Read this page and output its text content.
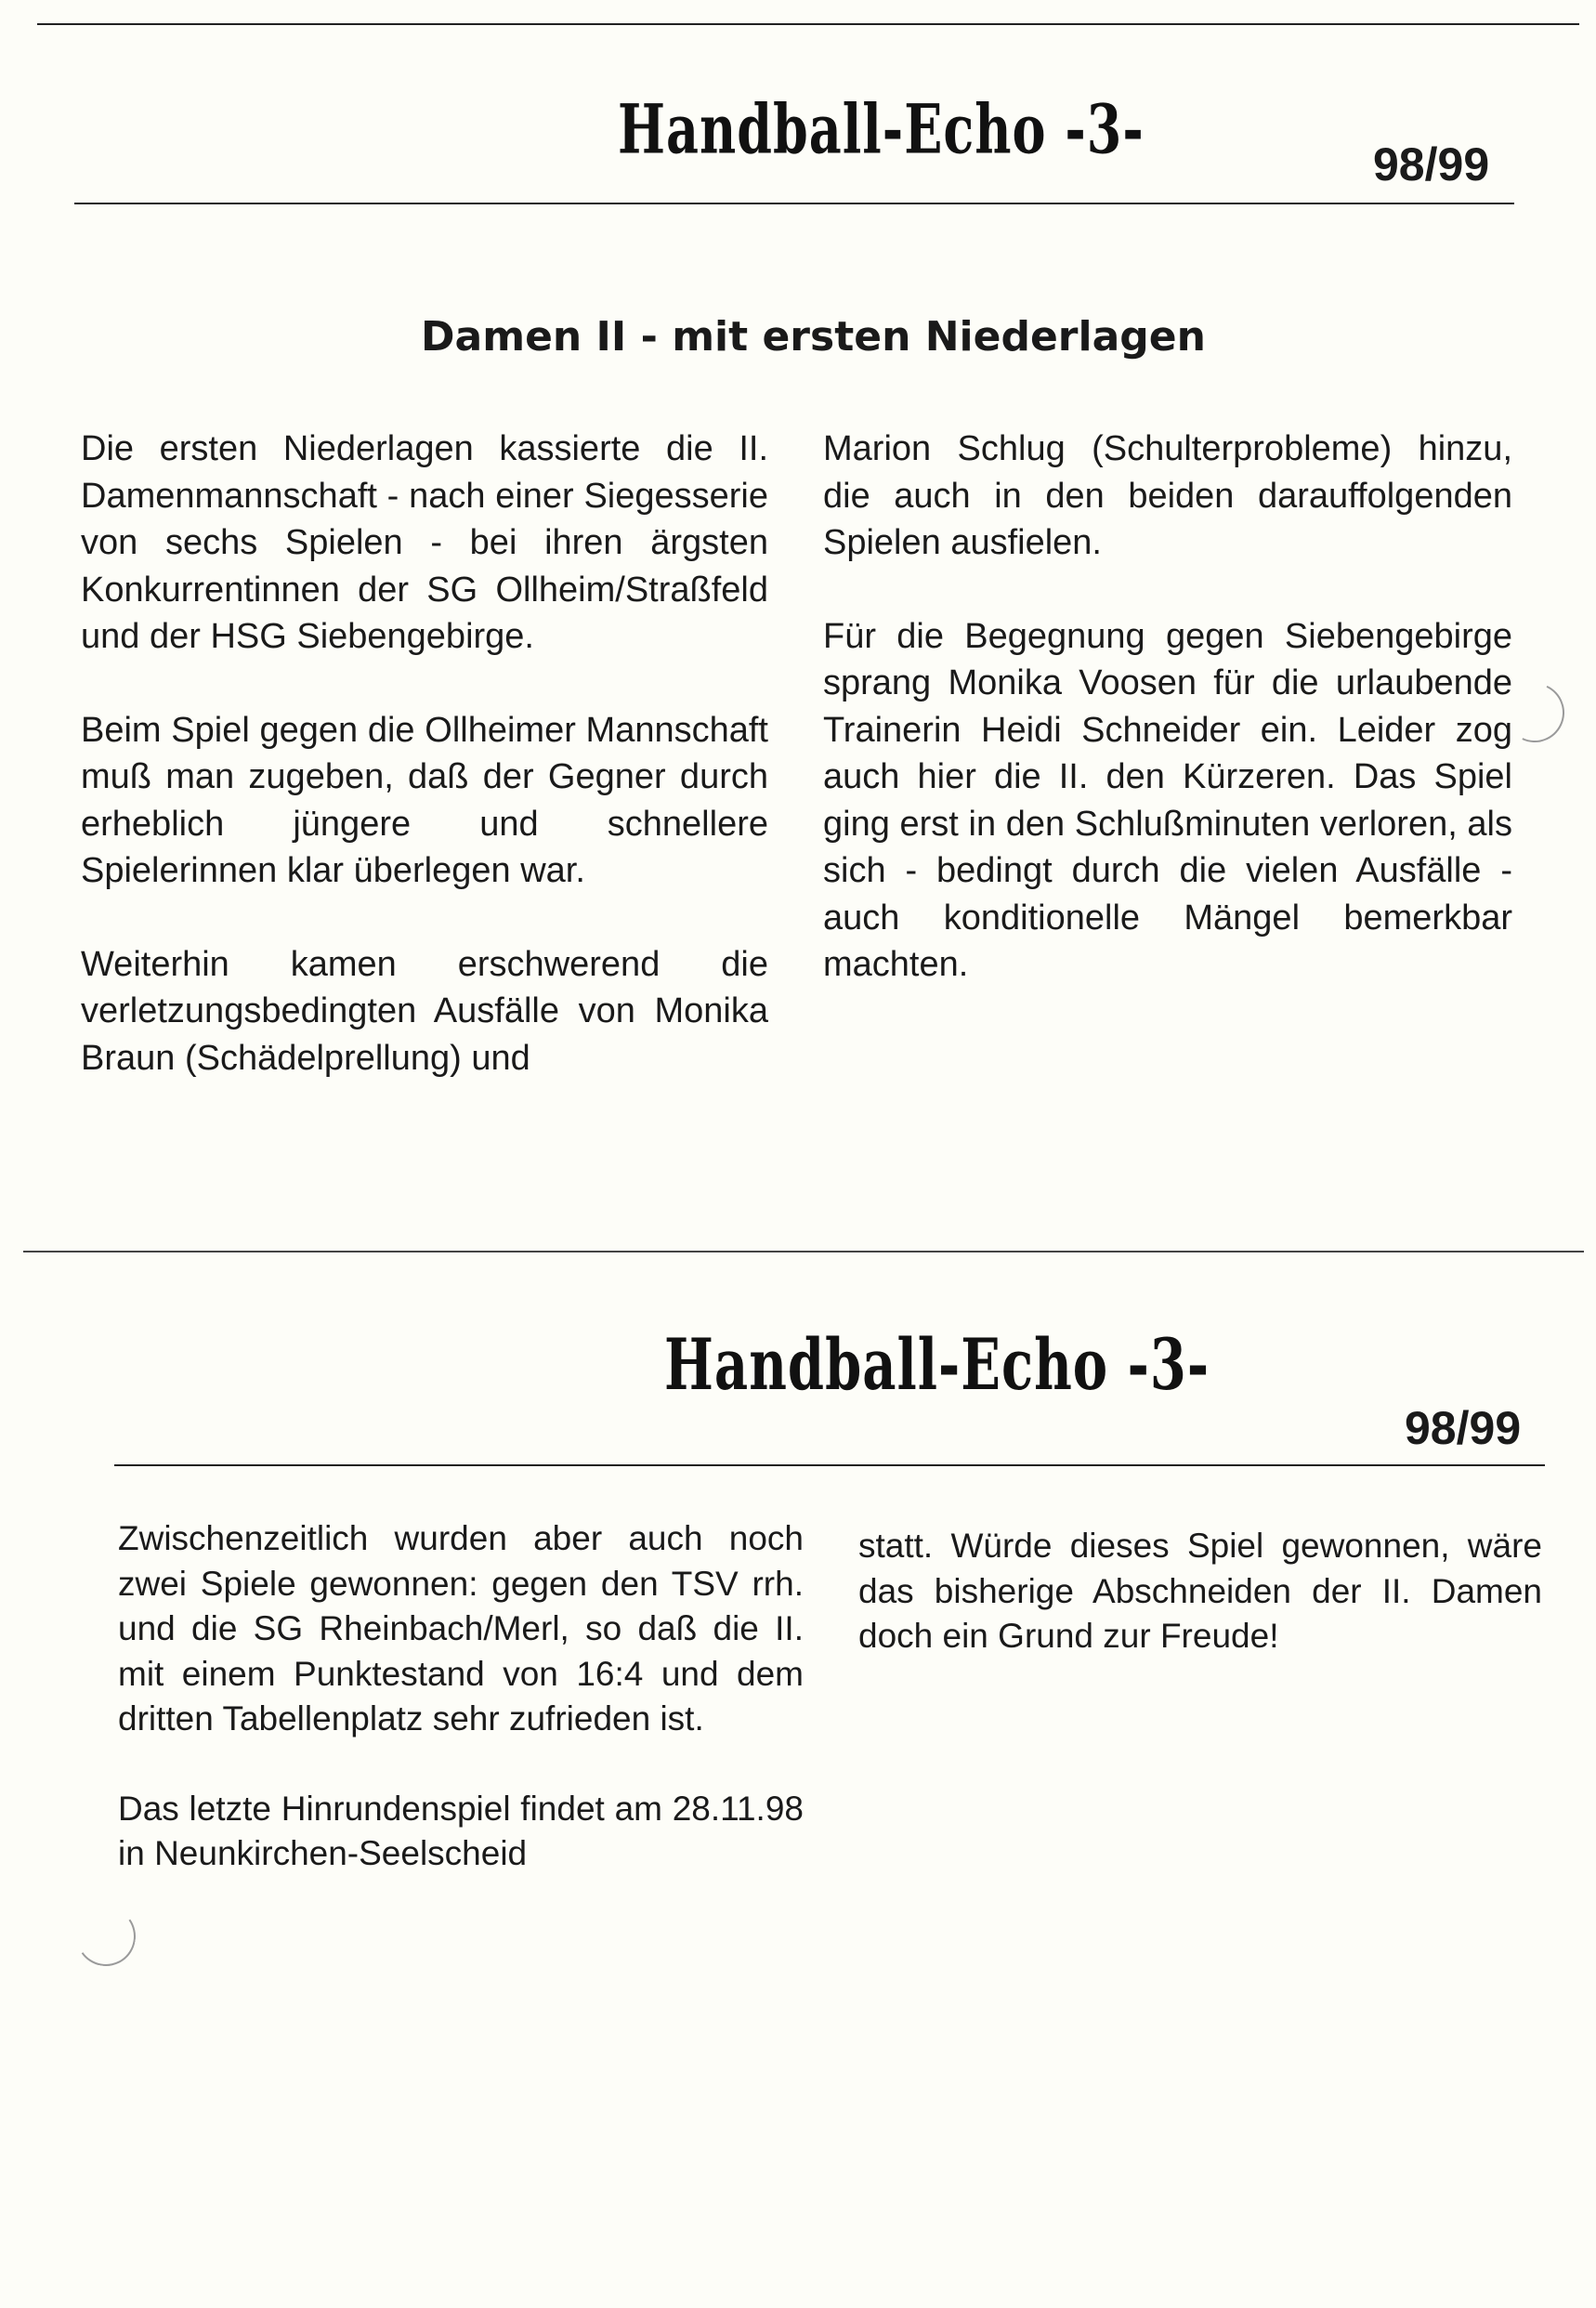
Handball-Echo -3-	98/99
Damen II - mit ersten Niederlagen

Die ersten Niederlagen kassierte die II. Damenmannschaft - nach einer Siegesserie von sechs Spielen - bei ihren ärgsten Konkurrentinnen der SG Ollheim/Straßfeld und der HSG Siebengebirge.

Beim Spiel gegen die Ollheimer Mannschaft muß man zugeben, daß der Gegner durch erheblich jüngere und schnellere Spielerinnen klar überlegen war.

Weiterhin kamen erschwerend die verletzungsbedingten Ausfälle von Monika Braun (Schädelprellung) und

Marion Schlug (Schulterprobleme) hinzu, die auch in den beiden darauffolgenden Spielen ausfielen.

Für die Begegnung gegen Siebengebirge sprang Monika Voosen für die urlaubende Trainerin Heidi Schneider ein. Leider zog auch hier die II. den Kürzeren. Das Spiel ging erst in den Schlußminuten verloren, als sich - bedingt durch die vielen Ausfälle - auch konditionelle Mängel bemerkbar machten.

Handball-Echo -3-
98/99

Zwischenzeitlich wurden aber auch noch zwei Spiele gewonnen: gegen den TSV rrh. und die SG Rheinbach/Merl, so daß die II. mit einem Punktestand von 16:4 und dem dritten Tabellenplatz sehr zufrieden ist.

Das letzte Hinrundenspiel findet am 28.11.98 in Neunkirchen-Seelscheid

statt. Würde dieses Spiel gewonnen, wäre das bisherige Abschneiden der II. Damen doch ein Grund zur Freude!
